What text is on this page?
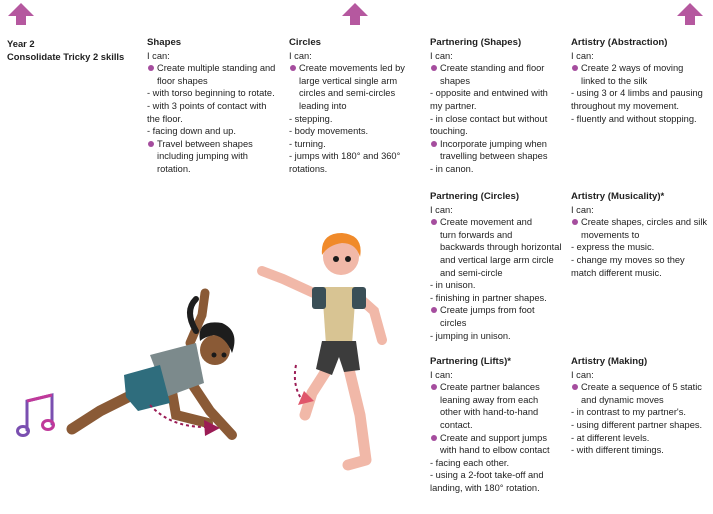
Year 2
Consolidate Tricky 2 skills
Shapes
I can:
Create multiple standing and
floor shapes
- with torso beginning to rotate.
- with 3 points of contact with
the floor.
- facing down and up.
Travel between shapes
including jumping with
rotation.
Circles
I can:
Create movements led by
large vertical single arm
circles and semi-circles
leading into
- stepping.
- body movements.
- turning.
- jumps with 180° and 360°
rotations.
Partnering (Shapes)
I can:
Create standing and floor
shapes
- opposite and entwined with
my partner.
- in close contact but without
touching.
Incorporate jumping when
travelling between shapes
- in canon.
Artistry (Abstraction)
I can:
Create 2 ways of moving
linked to the silk
- using 3 or 4 limbs and pausing
throughout my movement.
- fluently and without stopping.
Partnering (Circles)
I can:
Create movement and
turn forwards and
backwards through horizontal
and vertical large arm circle
and semi-circle
- in unison.
- finishing in partner shapes.
Create jumps from foot
circles
- jumping in unison.
Artistry (Musicality)*
I can:
Create shapes, circles and silk
movements to
- express the music.
- change my moves so they
match different music.
Partnering (Lifts)*
I can:
Create partner balances
leaning away from each
other with hand-to-hand
contact.
Create and support jumps
with hand to elbow contact
- facing each other.
- using a 2-foot take-off and
landing, with 180° rotation.
Artistry (Making)
I can:
Create a sequence of 5 static
and dynamic moves
- in contrast to my partner's.
- using different partner shapes.
- at different levels.
- with different timings.
